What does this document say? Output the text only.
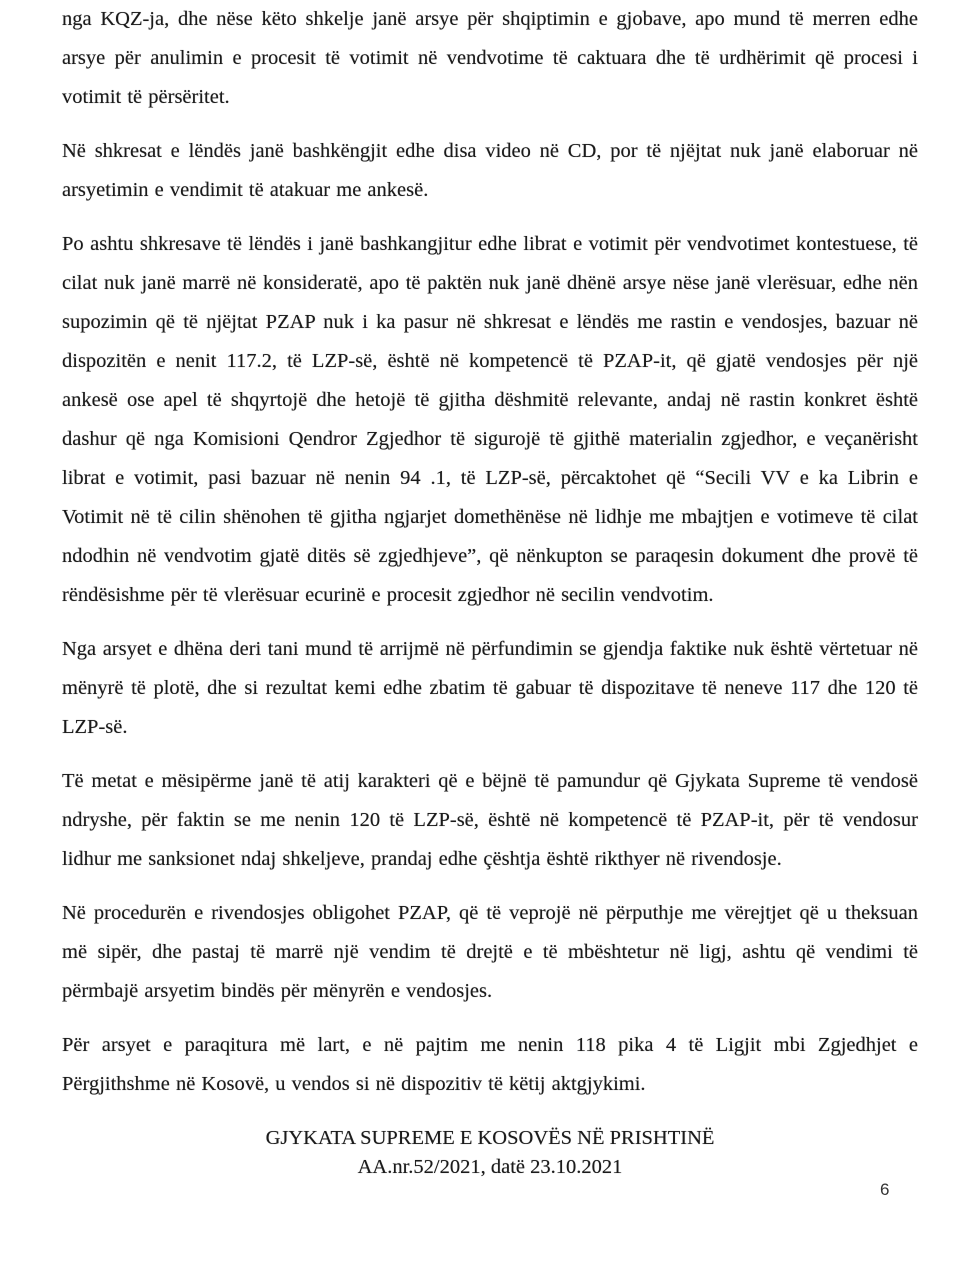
nga KQZ-ja, dhe nëse këto shkelje janë arsye për shqiptimin e gjobave, apo mund të merren edhe arsye për anulimin e procesit të votimit në vendvotime të caktuara dhe të urdhërimit që procesi i votimit të përsëritet.

Në shkresat e lëndës janë bashkëngjit edhe disa video në CD, por të njëjtat nuk janë elaboruar në arsyetimin e vendimit të atakuar me ankesë.

Po ashtu shkresave të lëndës i janë bashkangjitur edhe librat e votimit për vendvotimet kontestuese, të cilat nuk janë marrë në konsideratë, apo të paktën nuk janë dhënë arsye nëse janë vlerësuar, edhe nën supozimin që të njëjtat PZAP nuk i ka pasur në shkresat e lëndës me rastin e vendosjes, bazuar në dispozitën e nenit 117.2, të LZP-së, është në kompetencë të PZAP-it, që gjatë vendosjes për një ankesë ose apel të shqyrtojë dhe hetojë të gjitha dëshmitë relevante, andaj në rastin konkret është dashur që nga Komisioni Qendror Zgjedhor të sigurojë të gjithë materialin zgjedhor, e veçanërisht librat e votimit, pasi bazuar në nenin 94 .1, të LZP-së, përcaktohet që “Secili VV e ka Librin e Votimit në të cilin shënohen të gjitha ngjarjet domethënëse në lidhje me mbajtjen e votimeve të cilat ndodhin në vendvotim gjatë ditës së zgjedhjeve”, që nënkupton se paraqesin dokument dhe provë të rëndësishme për të vlerësuar ecurinë e procesit zgjedhor në secilin vendvotim.

Nga arsyet e dhëna deri tani mund të arrijmë në përfundimin se gjendja faktike nuk është vërtetuar në mënyrë të plotë, dhe si rezultat kemi edhe zbatim të gabuar të dispozitave të neneve 117 dhe 120 të LZP-së.

Të metat e mësipërme janë të atij karakteri që e bëjnë të pamundur që Gjykata Supreme të vendosë ndryshe, për faktin se me nenin 120 të LZP-së, është në kompetencë të PZAP-it, për të vendosur lidhur me sanksionet ndaj shkeljeve, prandaj edhe çështja është rikthyer në rivendosje.

Në procedurën e rivendosjes obligohet PZAP, që të veprojë në përputhje me vërejtjet që u theksuan më sipër, dhe pastaj të marrë një vendim të drejtë e të mbështetur në ligj, ashtu që vendimi të përmbajë arsyetim bindës për mënyrën e vendosjes.

Për arsyet e paraqitura më lart, e në pajtim me nenin 118 pika 4 të Ligjit mbi Zgjedhjet e Përgjithshme në Kosovë, u vendos si në dispozitiv të këtij aktgjykimi.

GJYKATA SUPREME E KOSOVËS NË PRISHTINË
AA.nr.52/2021, datë 23.10.2021
6
